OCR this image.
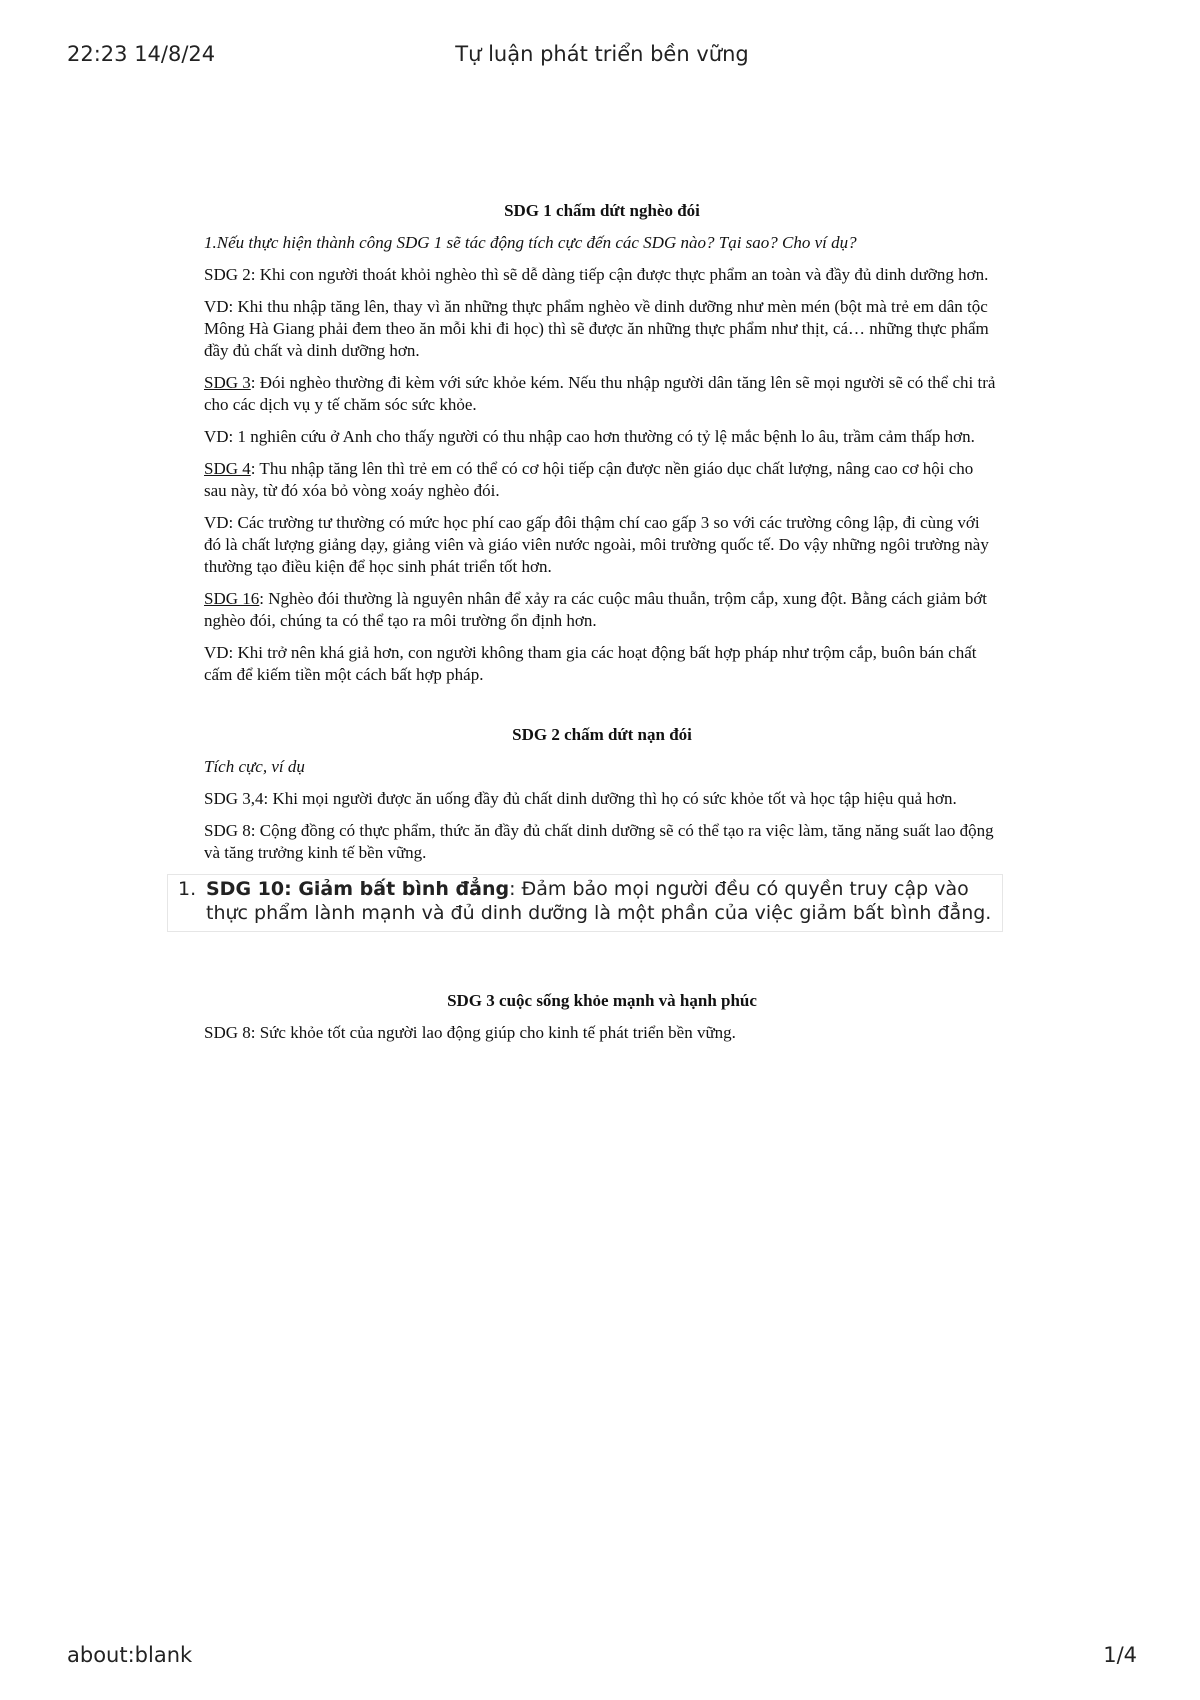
22:23 14/8/24	Tự luận phát triển bền vững
SDG 1 chấm dứt nghèo đói
1.Nếu thực hiện thành công SDG 1 sẽ tác động tích cực đến các SDG nào? Tại sao? Cho ví dụ?
SDG 2: Khi con người thoát khỏi nghèo thì sẽ dễ dàng tiếp cận được thực phẩm an toàn và đầy đủ dinh dưỡng hơn.
VD: Khi thu nhập tăng lên, thay vì ăn những thực phẩm nghèo về dinh dưỡng như mèn mén (bột mà trẻ em dân tộc Mông Hà Giang phải đem theo ăn mỗi khi đi học) thì sẽ được ăn những thực phẩm như thịt, cá… những thực phẩm đầy đủ chất và dinh dưỡng hơn.
SDG 3: Đói nghèo thường đi kèm với sức khỏe kém. Nếu thu nhập người dân tăng lên sẽ mọi người sẽ có thể chi trả cho các dịch vụ y tế chăm sóc sức khỏe.
VD: 1 nghiên cứu ở Anh cho thấy người có thu nhập cao hơn thường có tỷ lệ mắc bệnh lo âu, trầm cảm thấp hơn.
SDG 4: Thu nhập tăng lên thì trẻ em có thể có cơ hội tiếp cận được nền giáo dục chất lượng, nâng cao cơ hội cho sau này, từ đó xóa bỏ vòng xoáy nghèo đói.
VD: Các trường tư thường có mức học phí cao gấp đôi thậm chí cao gấp 3 so với các trường công lập, đi cùng với đó là chất lượng giảng dạy, giảng viên và giáo viên nước ngoài, môi trường quốc tế. Do vậy những ngôi trường này thường tạo điều kiện để học sinh phát triển tốt hơn.
SDG 16: Nghèo đói thường là nguyên nhân để xảy ra các cuộc mâu thuẫn, trộm cắp, xung đột. Bằng cách giảm bớt nghèo đói, chúng ta có thể tạo ra môi trường ổn định hơn.
VD: Khi trở nên khá giả hơn, con người không tham gia các hoạt động bất hợp pháp như trộm cắp, buôn bán chất cấm để kiếm tiền một cách bất hợp pháp.
SDG 2 chấm dứt nạn đói
Tích cực, ví dụ
SDG 3,4: Khi mọi người được ăn uống đầy đủ chất dinh dưỡng thì họ có sức khỏe tốt và học tập hiệu quả hơn.
SDG 8: Cộng đồng có thực phẩm, thức ăn đầy đủ chất dinh dưỡng sẽ có thể tạo ra việc làm, tăng năng suất lao động và tăng trưởng kinh tế bền vững.
1. SDG 10: Giảm bất bình đẳng: Đảm bảo mọi người đều có quyền truy cập vào thực phẩm lành mạnh và đủ dinh dưỡng là một phần của việc giảm bất bình đẳng.
SDG 3 cuộc sống khỏe mạnh và hạnh phúc
SDG 8: Sức khỏe tốt của người lao động giúp cho kinh tế phát triển bền vững.
about:blank	1/4
